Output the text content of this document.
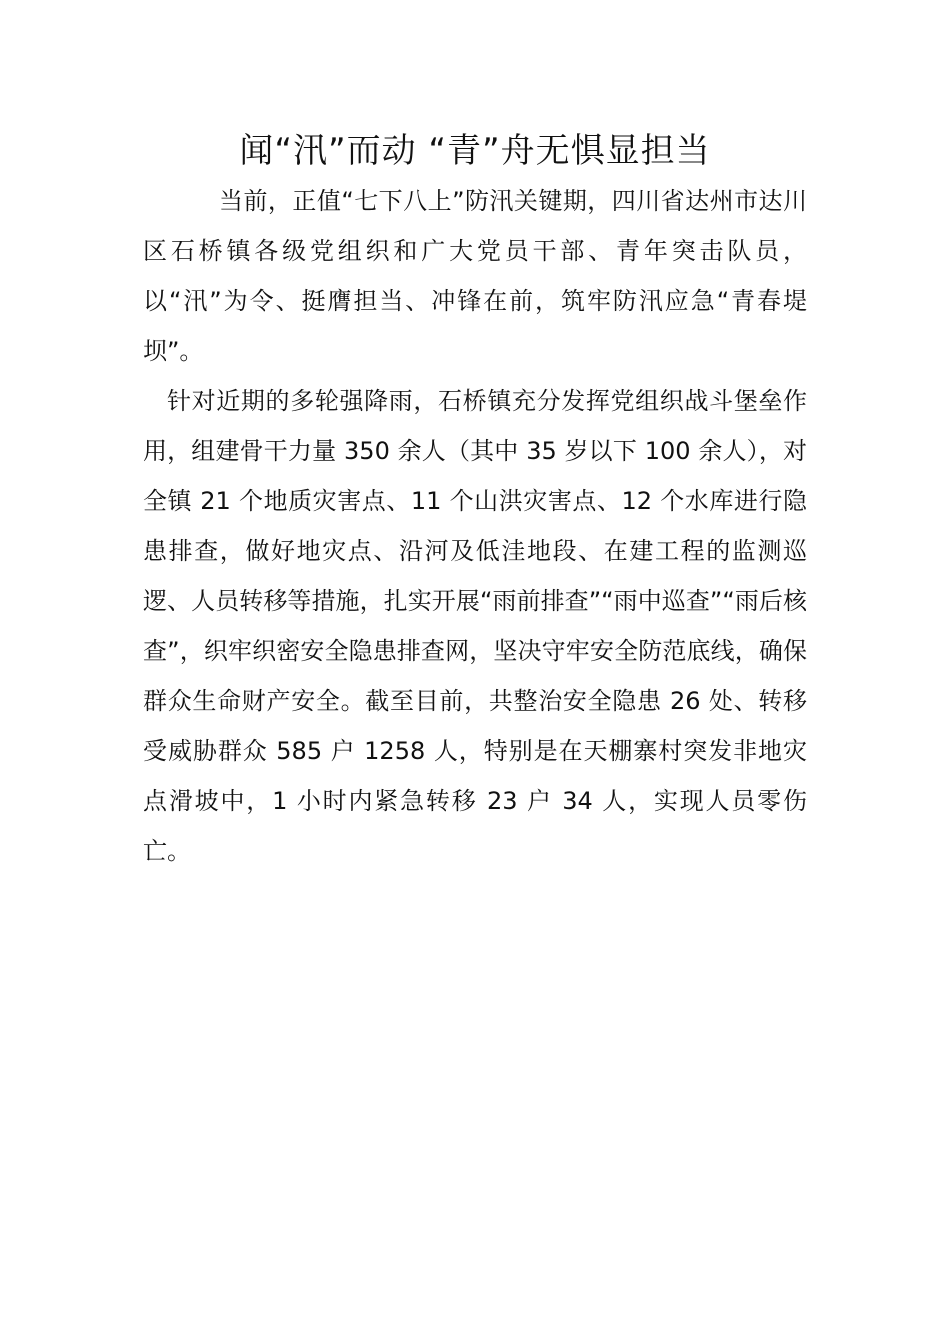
闻“汛”而动 “青”舟无惧显担当

当前，正值“七下八上”防汛关键期，四川省达州市达川区石桥镇各级党组织和广大党员干部、青年突击队员，以“汛”为令、挺膺担当、冲锋在前，筑牢防汛应急“青春堤坝”。

针对近期的多轮强降雨，石桥镇充分发挥党组织战斗堡垒作用，组建骨干力量 350 余人（其中 35 岁以下 100 余人），对全镇 21 个地质灾害点、11 个山洪灾害点、12 个水库进行隐患排查，做好地灾点、沿河及低洼地段、在建工程的监测巡逻、人员转移等措施，扎实开展“雨前排查”“雨中巡查”“雨后核查”，织牢织密安全隐患排查网，坚决守牢安全防范底线，确保群众生命财产安全。截至目前，共整治安全隐患 26 处、转移受威胁群众 585 户 1258 人，特别是在天棚寨村突发非地灾点滑坡中，1 小时内紧急转移 23 户 34 人，实现人员零伤亡。
